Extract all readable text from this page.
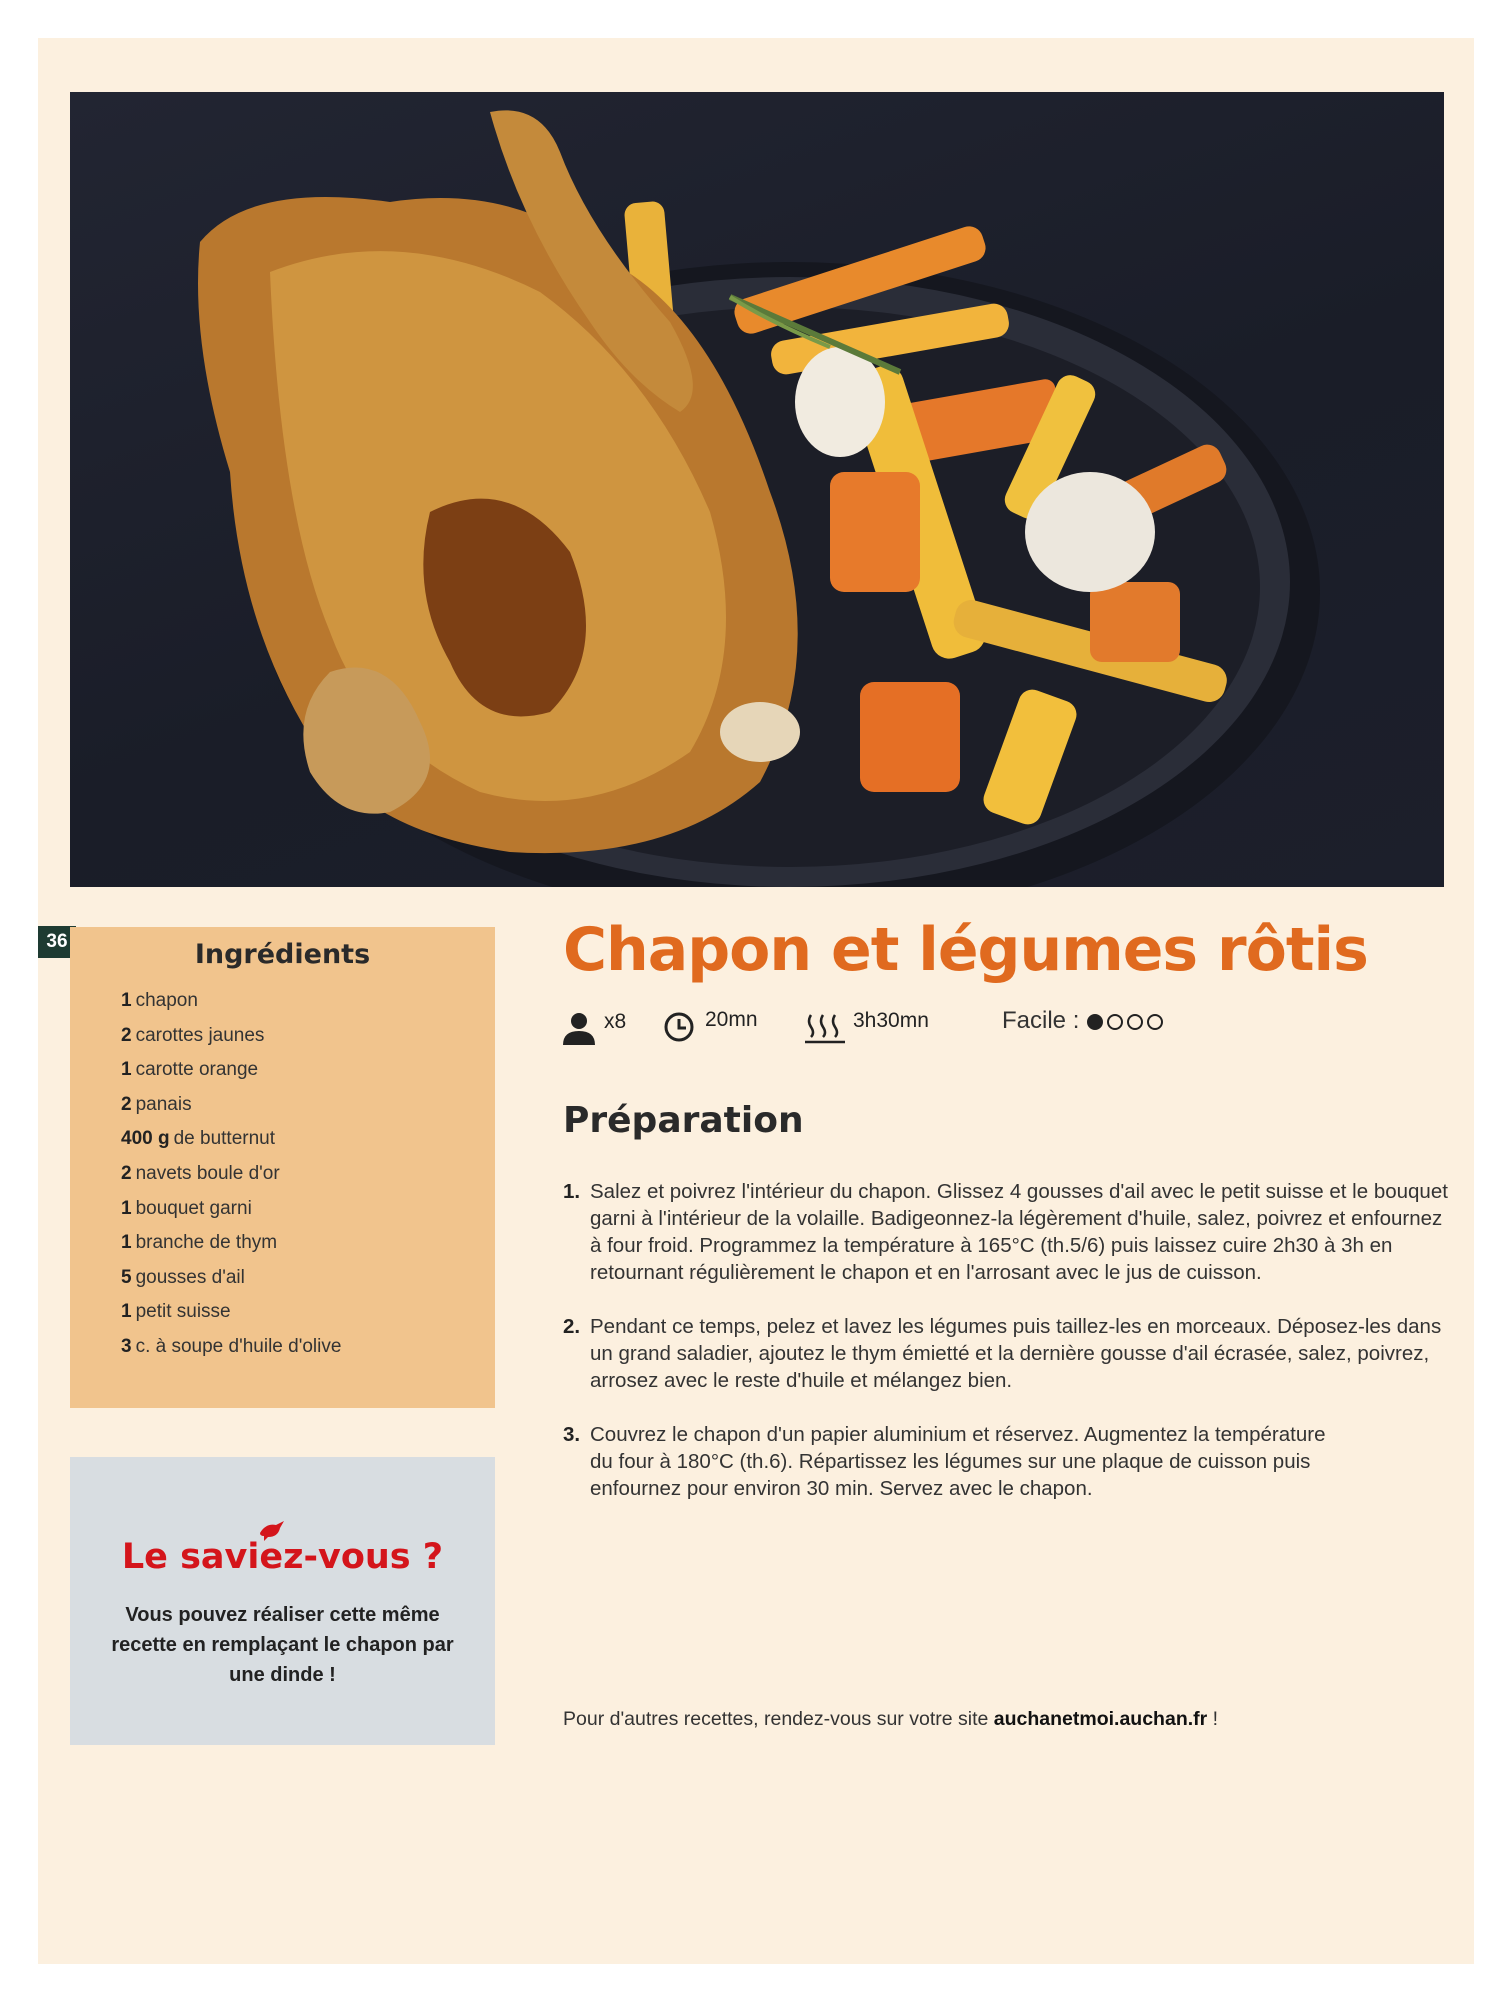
36	Ingrédients
1 chapon
2 carottes jaunes
1 carotte orange
2 panais
400 g de butternut
2 navets boule d'or
1 bouquet garni
1 branche de thym
5 gousses d'ail
1 petit suisse
3 c. à soupe d'huile d'olive
Le saviez-vous ?

Vous pouvez réaliser cette même recette en remplaçant le chapon par une dinde !

Chapon et légumes rôtis
x8	20mn	3h30mn	Facile :
Préparation
1. Salez et poivrez l'intérieur du chapon. Glissez 4 gousses d'ail avec le petit suisse et le bouquet garni à l'intérieur de la volaille. Badigeonnez-la légèrement d'huile, salez, poivrez et enfournez à four froid. Programmez la température à 165°C (th.5/6) puis laissez cuire 2h30 à 3h en retournant régulièrement le chapon et en l'arrosant avec le jus de cuisson.
2. Pendant ce temps, pelez et lavez les légumes puis taillez-les en morceaux. Déposez-les dans un grand saladier, ajoutez le thym émietté et la dernière gousse d'ail écrasée, salez, poivrez, arrosez avec le reste d'huile et mélangez bien.
3. Couvrez le chapon d'un papier aluminium et réservez. Augmentez la température du four à 180°C (th.6). Répartissez les légumes sur une plaque de cuisson puis enfournez pour environ 30 min. Servez avec le chapon.
Pour d'autres recettes, rendez-vous sur votre site auchanetmoi.auchan.fr !
